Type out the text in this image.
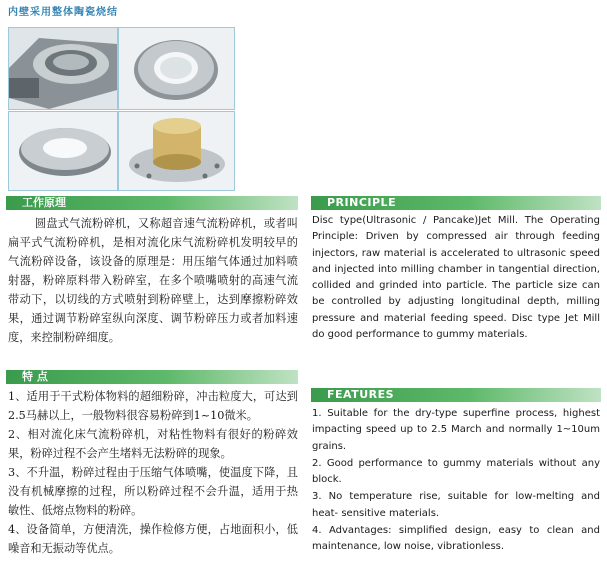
内壁采用整体陶瓷烧结
工作原理

圆盘式气流粉碎机，又称超音速气流粉碎机，或者叫扁平式气流粉碎机，是相对流化床气流粉碎机发明较早的气流粉碎设备，该设备的原理是：用压缩气体通过加料喷射器，粉碎原料带入粉碎室，在多个喷嘴喷射的高速气流带动下，以切线的方式喷射到粉碎壁上，达到摩擦粉碎效果，通过调节粉碎室纵向深度、调节粉碎压力或者加料速度，来控制粉碎细度。

特 点

1、适用于干式粉体物料的超细粉碎，冲击粒度大，可达到2.5马赫以上，一般物料很容易粉碎到1~10微米。

2、相对流化床气流粉碎机，对粘性物料有很好的粉碎效果，粉碎过程不会产生堵料无法粉碎的现象。

3、不升温，粉碎过程由于压缩气体喷嘴，使温度下降，且没有机械摩擦的过程，所以粉碎过程不会升温，适用于热敏性、低熔点物料的粉碎。

4、设备简单，方便清洗，操作检修方便，占地面积小，低噪音和无振动等优点。

PRINCIPLE

Disc type(Ultrasonic / Pancake)Jet Mill. The Operating Principle: Driven by compressed air through feeding injectors, raw material is accelerated to ultrasonic speed and injected into milling chamber in tangential direction, collided and grinded into particle. The particle size can be controlled by adjusting longitudinal depth, milling pressure and material feeding speed. Disc type Jet Mill do good performance to gummy materials.

FEATURES

1. Suitable for the dry-type superfine process, highest impacting speed up to 2.5 March and normally 1~10um grains.

2. Good performance to gummy materials without any block.

3. No temperature rise, suitable for low-melting and heat- sensitive materials.

4. Advantages: simplified design, easy to clean and maintenance, low noise, vibrationless.
